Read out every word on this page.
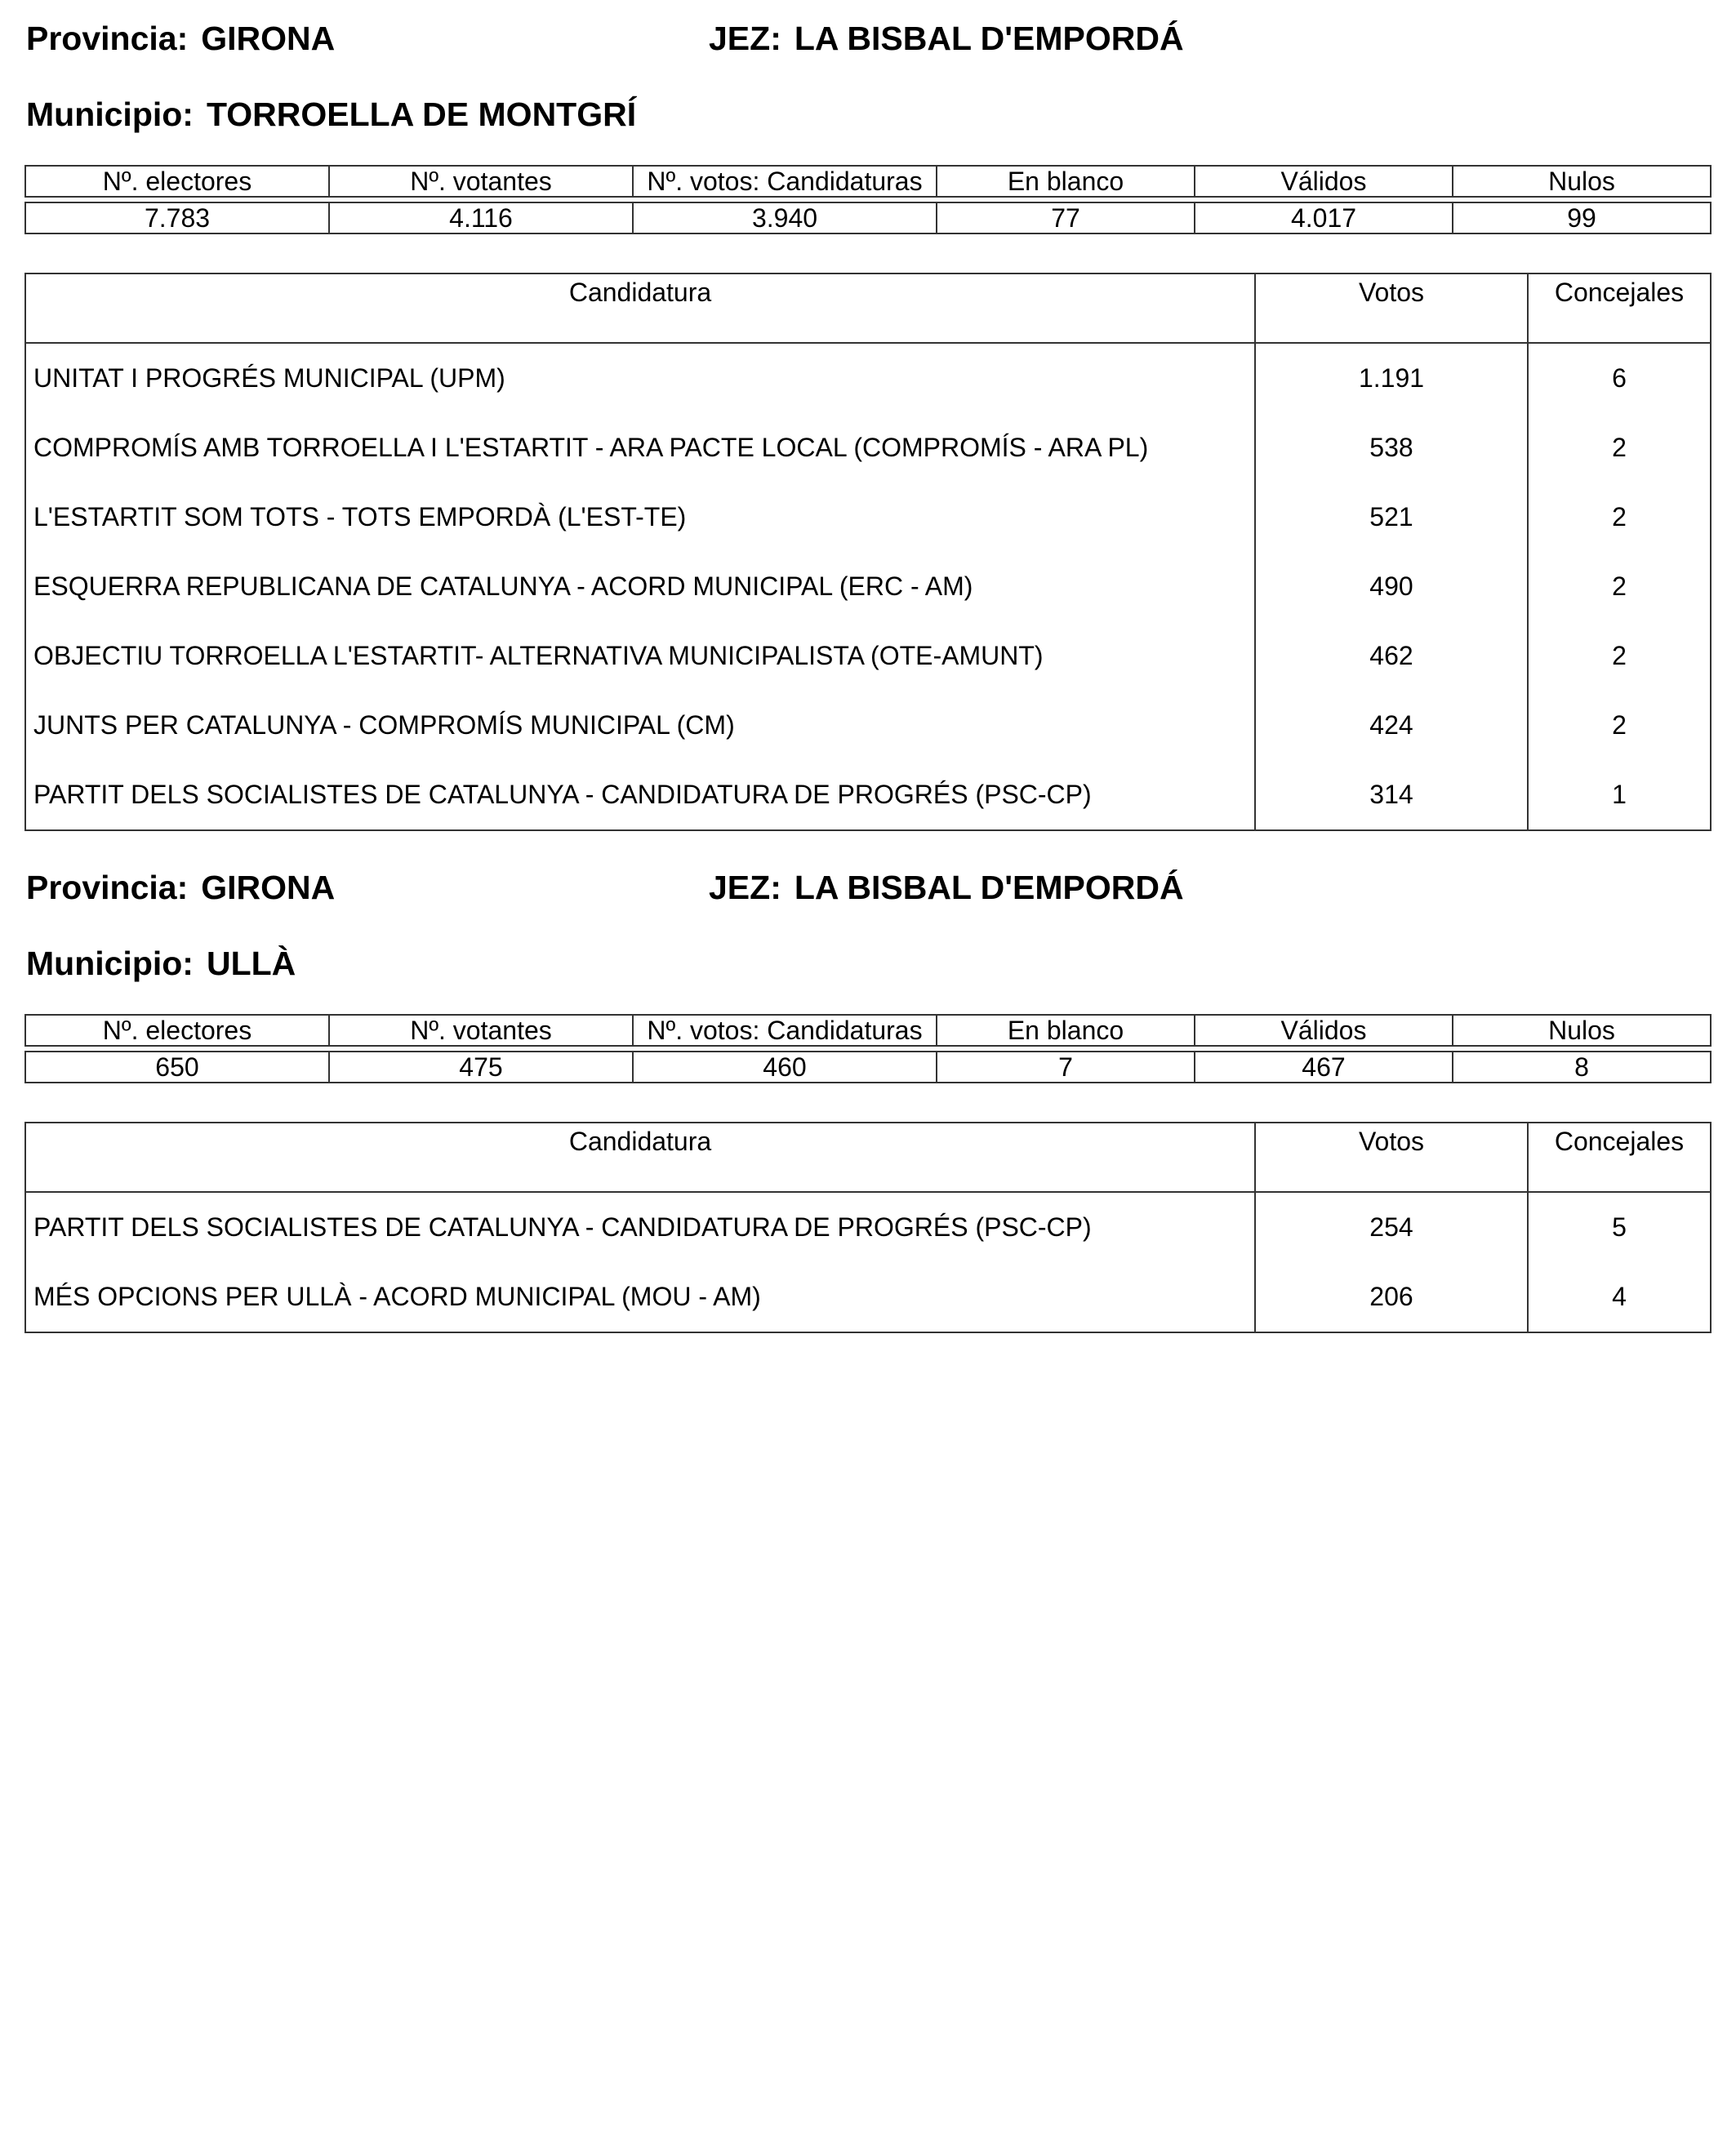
Provincia: GIRONA	JEZ: LA BISBAL D'EMPORDÁ
Municipio: TORROELLA DE MONTGRÍ
Nº. electores	Nº. votantes	Nº. votos: Candidaturas	En blanco	Válidos	Nulos

7.783	4.116	3.940	77	4.017	99
Candidatura	Votos	Concejales
UNITAT I PROGRÉS MUNICIPAL (UPM)	1.191	6
COMPROMÍS AMB TORROELLA I L'ESTARTIT - ARA PACTE LOCAL (COMPROMÍS - ARA PL)	538	2
L'ESTARTIT SOM TOTS - TOTS EMPORDÀ (L'EST-TE)	521	2
ESQUERRA REPUBLICANA DE CATALUNYA - ACORD MUNICIPAL (ERC - AM)	490	2
OBJECTIU TORROELLA L'ESTARTIT- ALTERNATIVA MUNICIPALISTA (OTE-AMUNT)	462	2
JUNTS PER CATALUNYA - COMPROMÍS MUNICIPAL (CM)	424	2
PARTIT DELS SOCIALISTES DE CATALUNYA - CANDIDATURA DE PROGRÉS (PSC-CP)	314	1
Provincia: GIRONA	JEZ: LA BISBAL D'EMPORDÁ
Municipio: ULLÀ
Nº. electores	Nº. votantes	Nº. votos: Candidaturas	En blanco	Válidos	Nulos

650	475	460	7	467	8
Candidatura	Votos	Concejales
PARTIT DELS SOCIALISTES DE CATALUNYA - CANDIDATURA DE PROGRÉS (PSC-CP)	254	5
MÉS OPCIONS PER ULLÀ - ACORD MUNICIPAL (MOU - AM)	206	4
